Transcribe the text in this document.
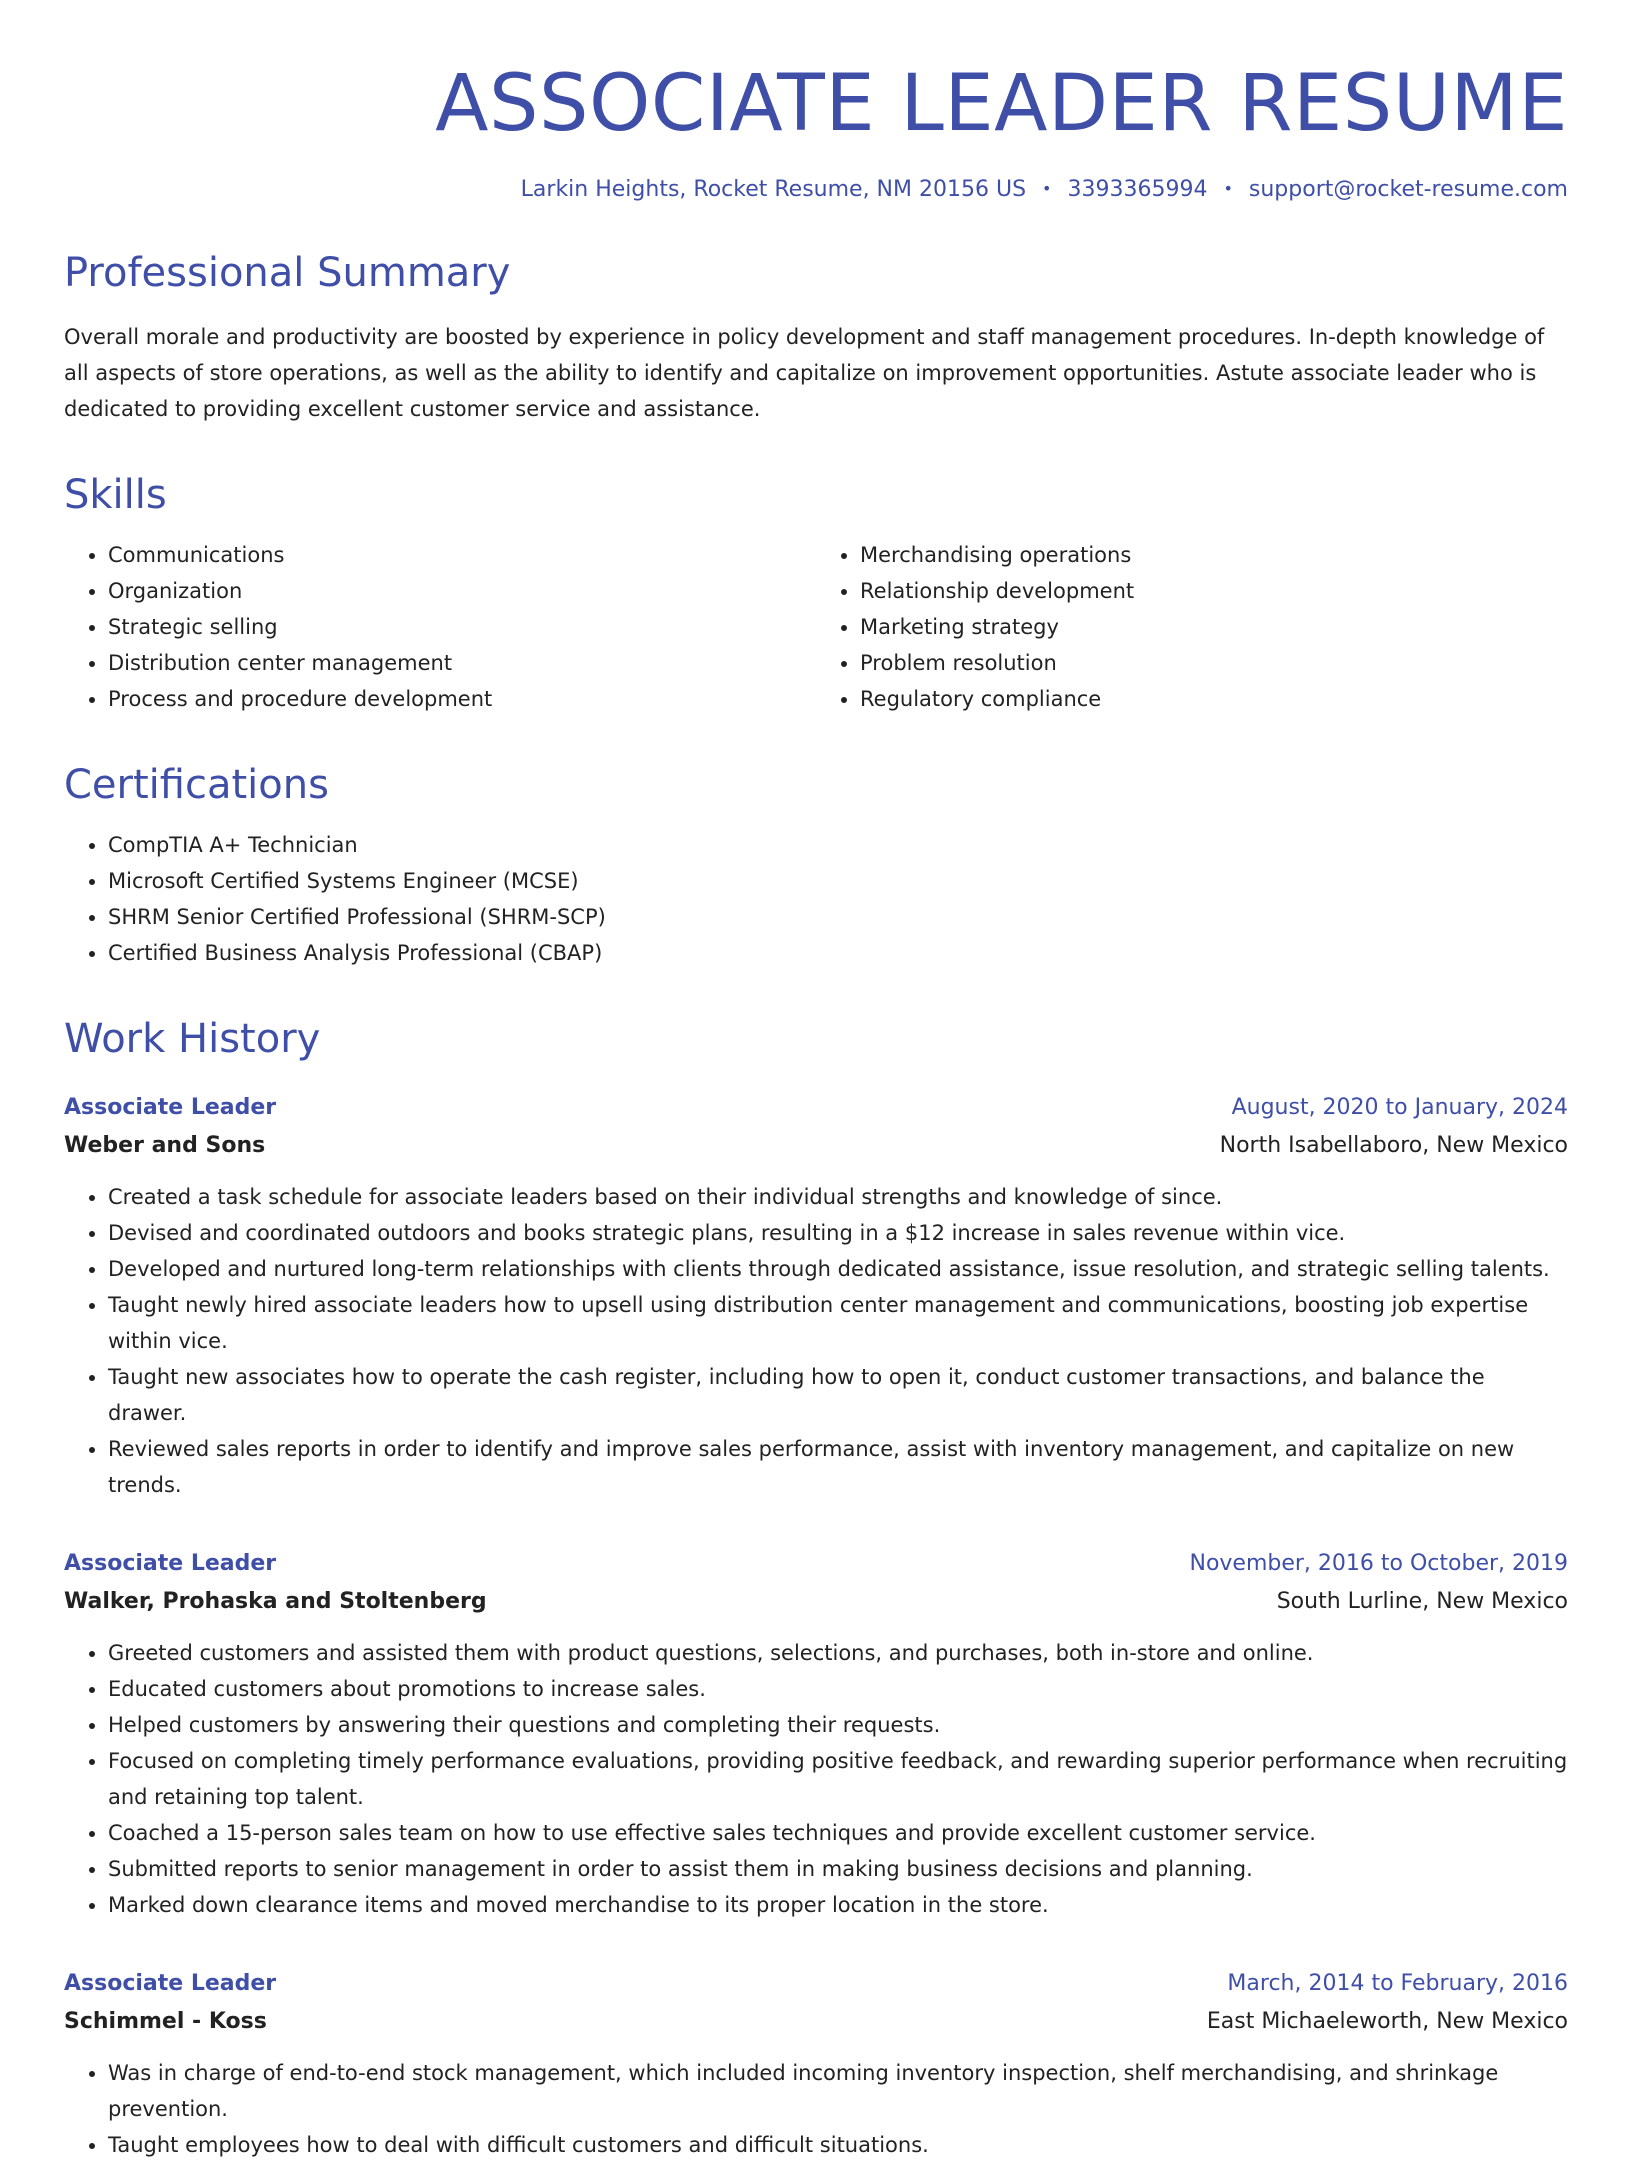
ASSOCIATE LEADER RESUME
Larkin Heights, Rocket Resume, NM 20156 US • 3393365994 • support@rocket-resume.com
Professional Summary

Overall morale and productivity are boosted by experience in policy development and staff management procedures. In-depth knowledge of all aspects of store operations, as well as the ability to identify and capitalize on improvement opportunities. Astute associate leader who is dedicated to providing excellent customer service and assistance.

Skills
• Communications
• Organization
• Strategic selling
• Distribution center management
• Process and procedure development
• Merchandising operations
• Relationship development
• Marketing strategy
• Problem resolution
• Regulatory compliance
Certifications
• CompTIA A+ Technician
• Microsoft Certified Systems Engineer (MCSE)
• SHRM Senior Certified Professional (SHRM-SCP)
• Certified Business Analysis Professional (CBAP)
Work History
Associate Leader	August, 2020 to January, 2024
Weber and Sons	North Isabellaboro, New Mexico
• Created a task schedule for associate leaders based on their individual strengths and knowledge of since.
• Devised and coordinated outdoors and books strategic plans, resulting in a $12 increase in sales revenue within vice.
• Developed and nurtured long-term relationships with clients through dedicated assistance, issue resolution, and strategic selling talents.
• Taught newly hired associate leaders how to upsell using distribution center management and communications, boosting job expertise within vice.
• Taught new associates how to operate the cash register, including how to open it, conduct customer transactions, and balance the drawer.
• Reviewed sales reports in order to identify and improve sales performance, assist with inventory management, and capitalize on new trends.
Associate Leader	November, 2016 to October, 2019
Walker, Prohaska and Stoltenberg	South Lurline, New Mexico
• Greeted customers and assisted them with product questions, selections, and purchases, both in-store and online.
• Educated customers about promotions to increase sales.
• Helped customers by answering their questions and completing their requests.
• Focused on completing timely performance evaluations, providing positive feedback, and rewarding superior performance when recruiting and retaining top talent.
• Coached a 15-person sales team on how to use effective sales techniques and provide excellent customer service.
• Submitted reports to senior management in order to assist them in making business decisions and planning.
• Marked down clearance items and moved merchandise to its proper location in the store.
Associate Leader	March, 2014 to February, 2016
Schimmel - Koss	East Michaeleworth, New Mexico
• Was in charge of end-to-end stock management, which included incoming inventory inspection, shelf merchandising, and shrinkage prevention.
• Taught employees how to deal with difficult customers and difficult situations.
